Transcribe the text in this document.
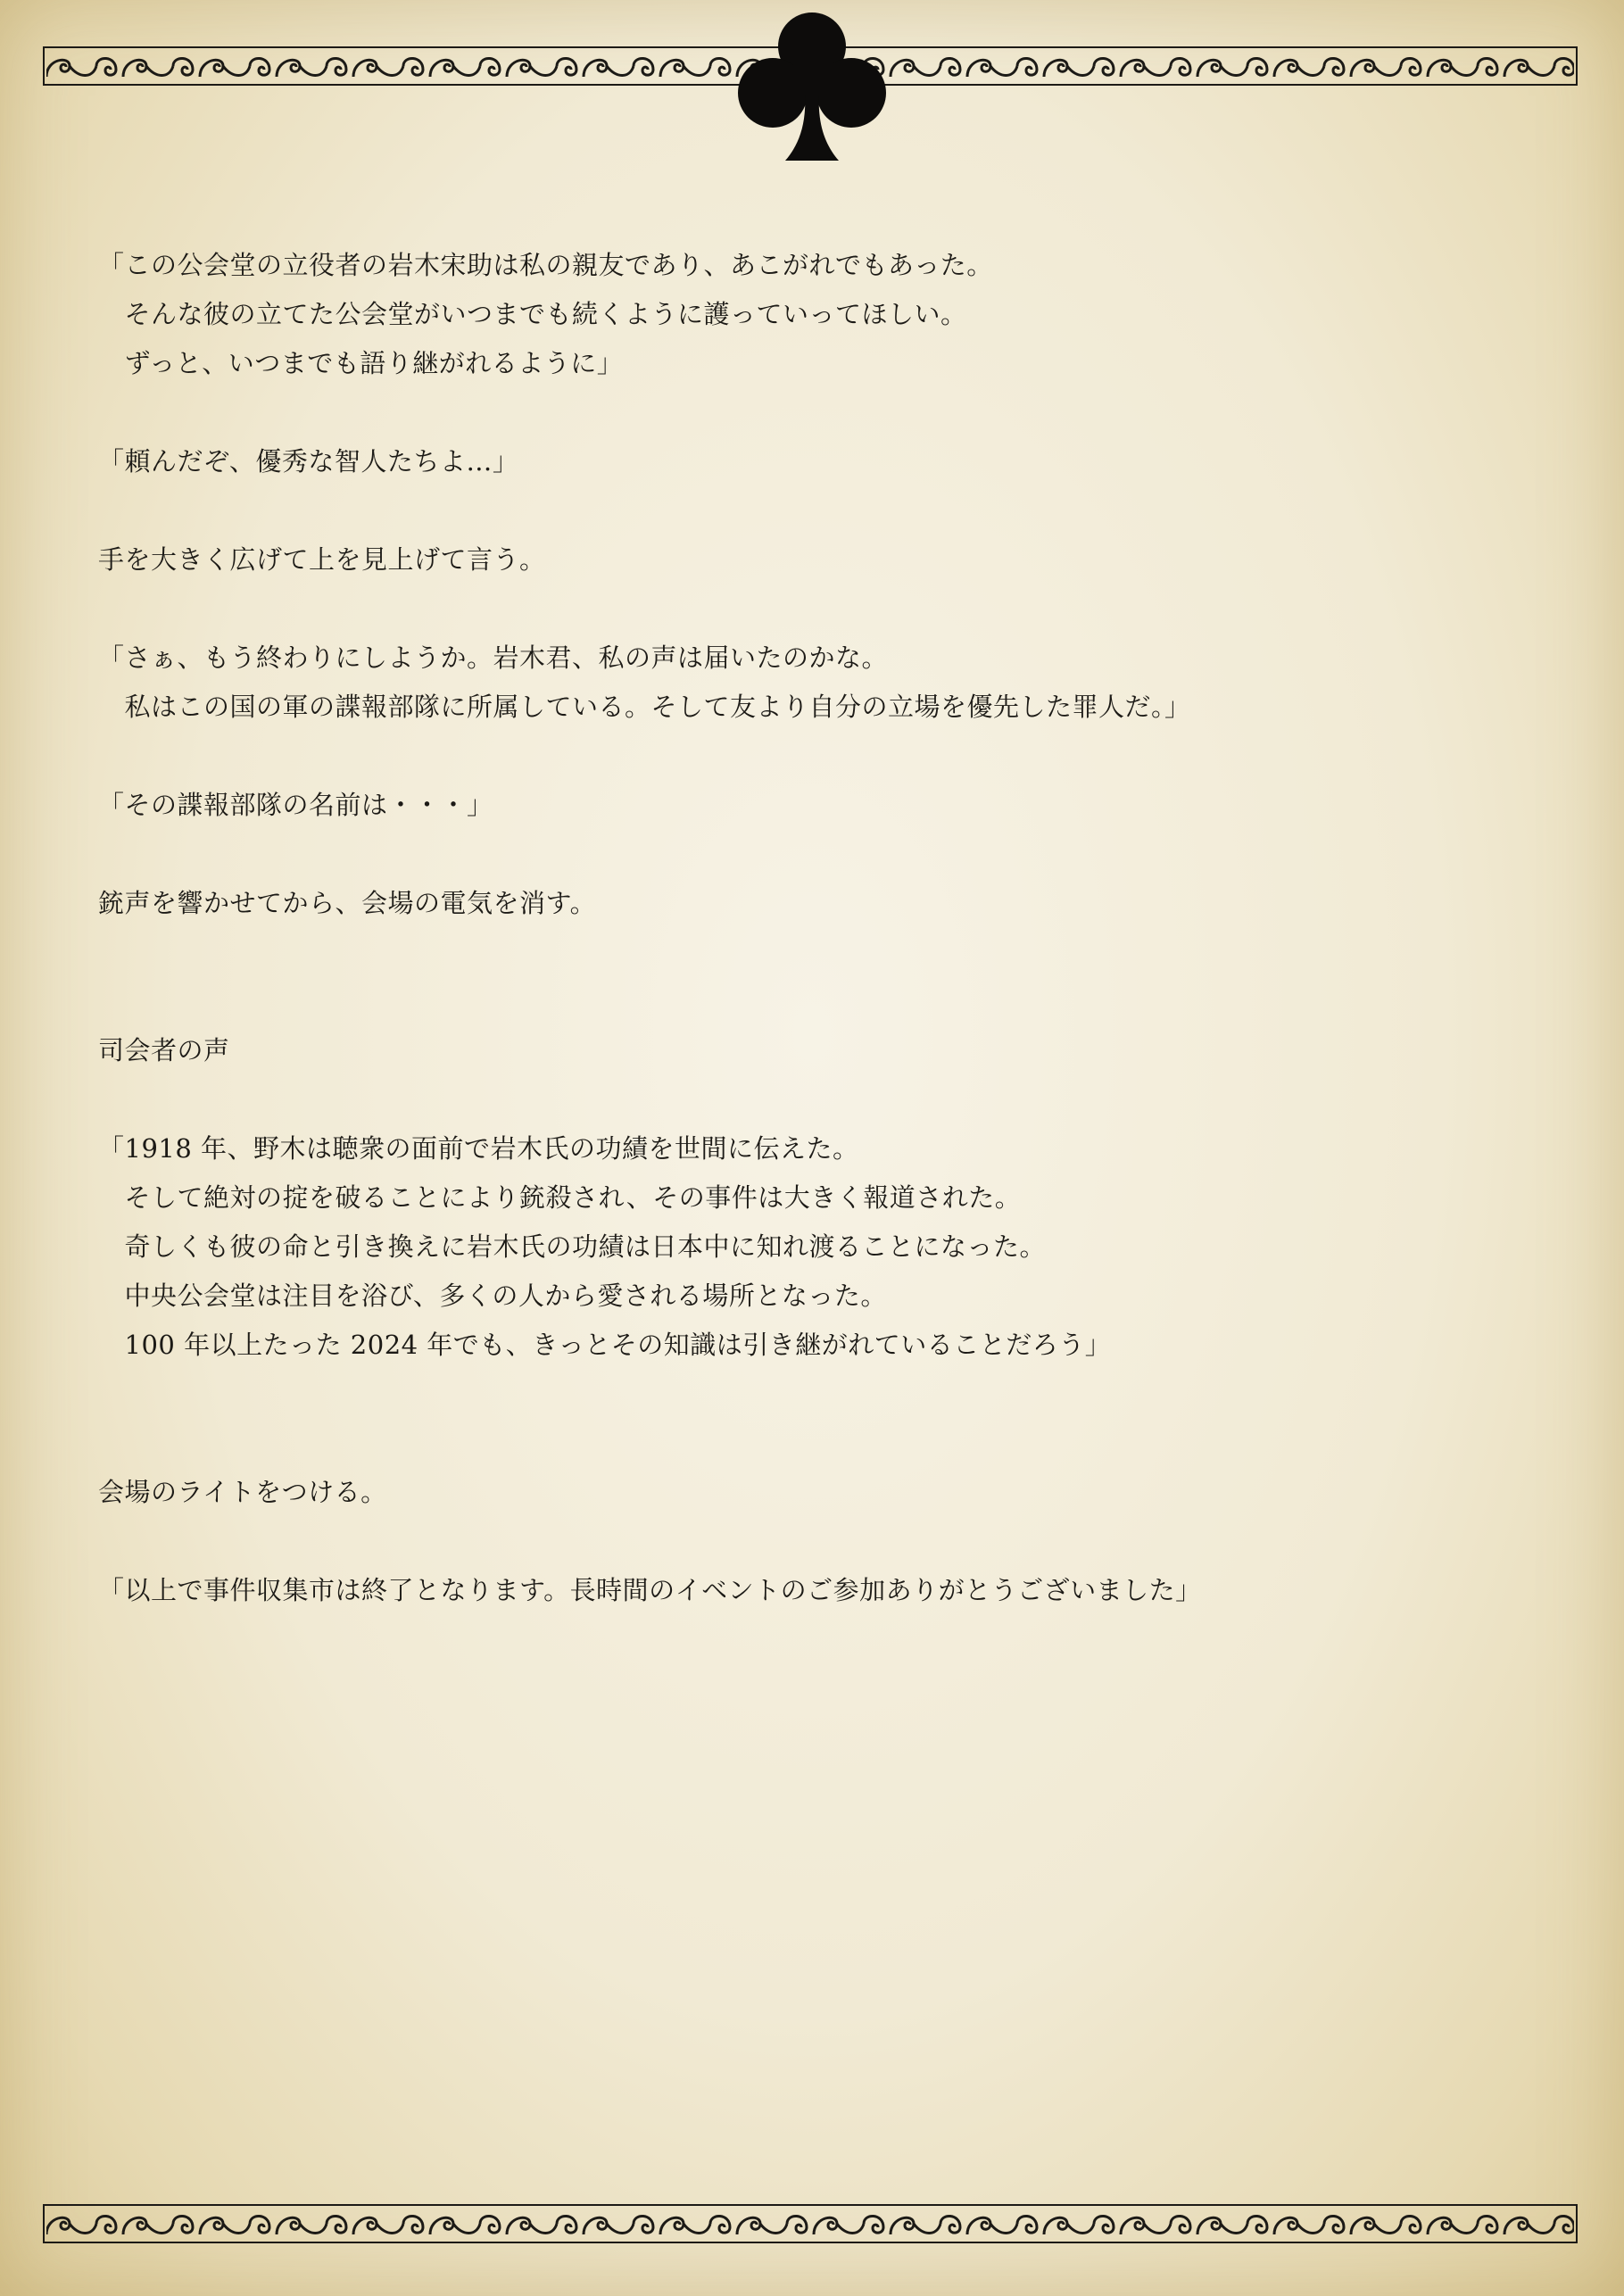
「この公会堂の立役者の岩木宋助は私の親友であり、あこがれでもあった。
　そんな彼の立てた公会堂がいつまでも続くように護っていってほしい。
　ずっと、いつまでも語り継がれるように」
「頼んだぞ、優秀な智人たちよ…」
手を大きく広げて上を見上げて言う。
「さぁ、もう終わりにしようか。岩木君、私の声は届いたのかな。
　私はこの国の軍の諜報部隊に所属している。そして友より自分の立場を優先した罪人だ。」
「その諜報部隊の名前は・・・」
銃声を響かせてから、会場の電気を消す。
司会者の声
「1918 年、野木は聴衆の面前で岩木氏の功績を世間に伝えた。
　そして絶対の掟を破ることにより銃殺され、その事件は大きく報道された。
　奇しくも彼の命と引き換えに岩木氏の功績は日本中に知れ渡ることになった。
　中央公会堂は注目を浴び、多くの人から愛される場所となった。
　100 年以上たった 2024 年でも、きっとその知識は引き継がれていることだろう」
会場のライトをつける。
「以上で事件収集市は終了となります。長時間のイベントのご参加ありがとうございました」
